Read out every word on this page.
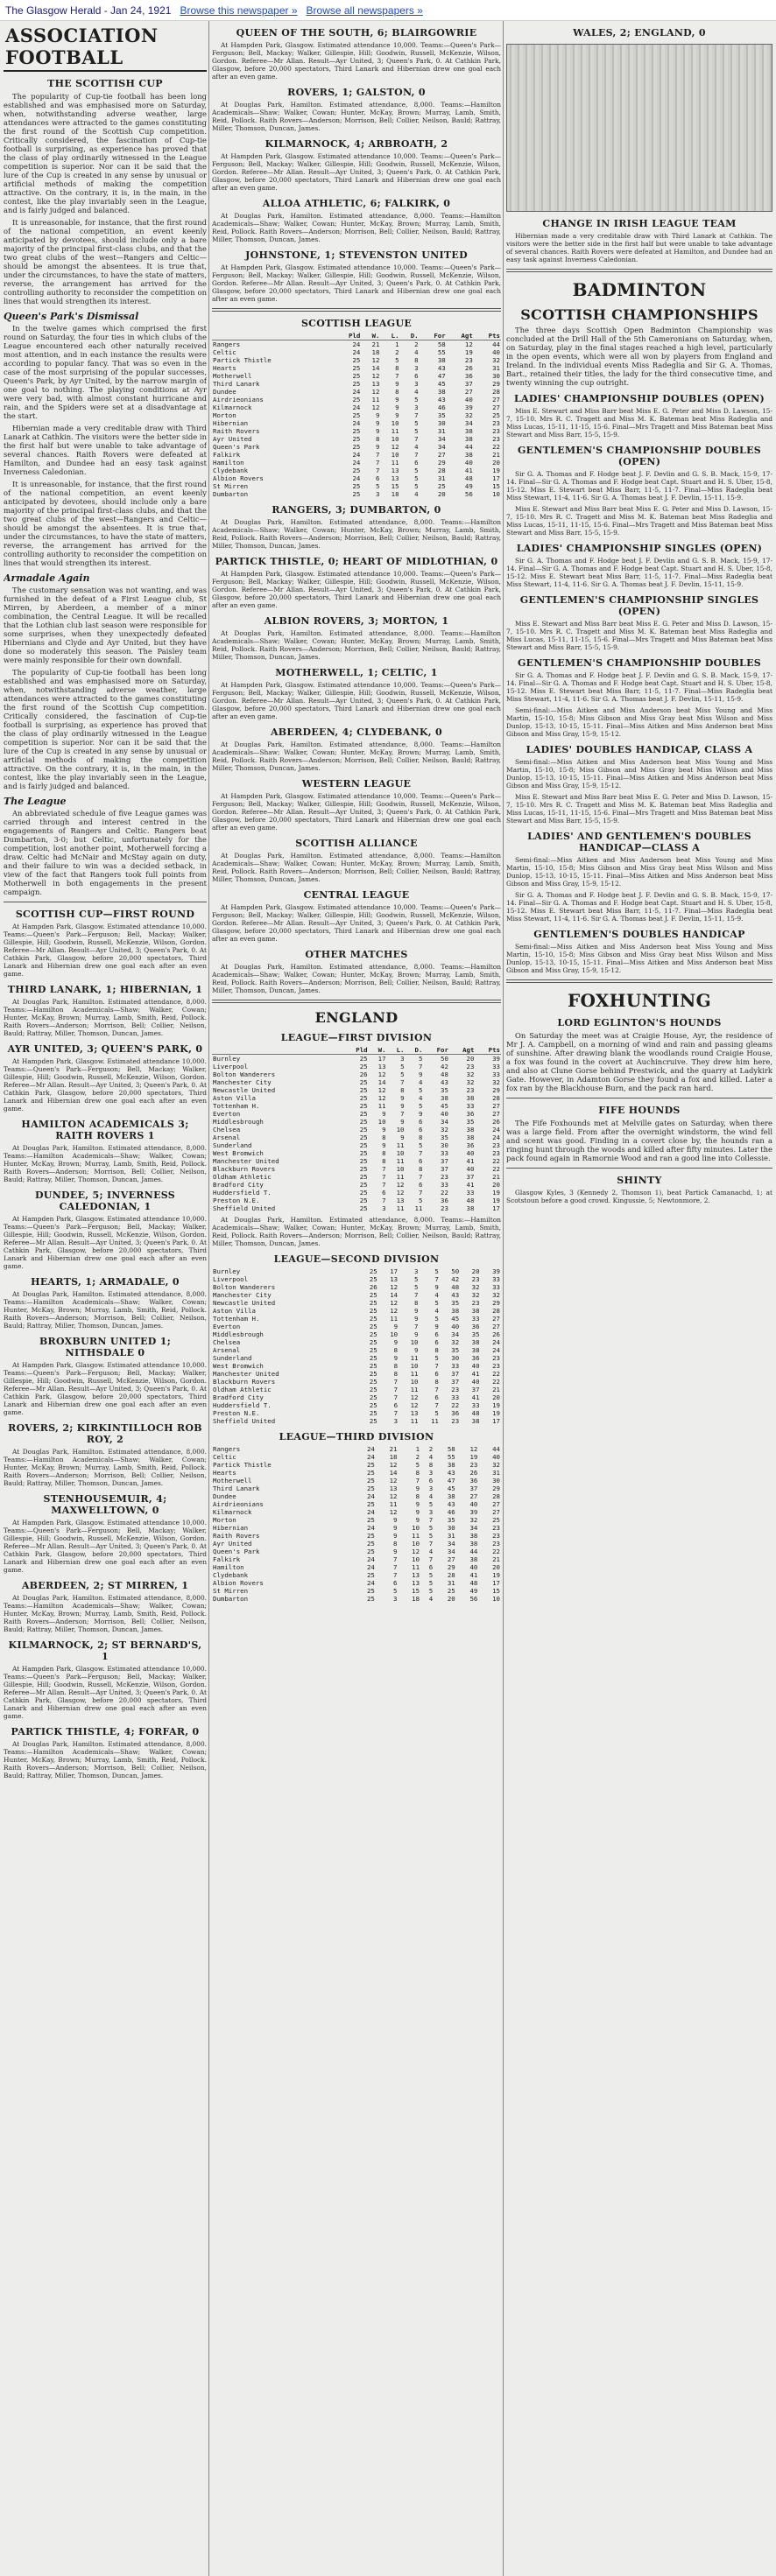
The Glasgow Herald - Jan 24, 1921 Browse this newspaper » Browse all newspapers »
ASSOCIATION FOOTBALL
THE SCOTTISH CUP

The popularity of Cup-tie football has been long established and was emphasised more on Saturday, when, notwithstanding adverse weather, large attendances were attracted to the games constituting the first round of the Scottish Cup competition. Critically considered, the fascination of Cup-tie football is surprising, as experience has proved that the class of play ordinarily witnessed in the League competition is superior. Nor can it be said that the lure of the Cup is created in any sense by unusual or artificial methods of making the competition attractive. On the contrary, it is, in the main, in the contest, like the play invariably seen in the League, and is fairly judged and balanced.

It is unreasonable, for instance, that the first round of the national competition, an event keenly anticipated by devotees, should include only a bare majority of the principal first-class clubs, and that the two great clubs of the west—Rangers and Celtic—should be amongst the absentees. It is true that, under the circumstances, to have the state of matters, reverse, the arrangement has arrived for the controlling authority to reconsider the competition on lines that would strengthen its interest.

Queen's Park's Dismissal

In the twelve games which comprised the first round on Saturday, the four ties in which clubs of the League encountered each other naturally received most attention, and in each instance the results were according to popular fancy. That was so even in the case of the most surprising of the popular successes, Queen's Park, by Ayr United, by the narrow margin of one goal to nothing. The playing conditions at Ayr were very bad, with almost constant hurricane and rain, and the Spiders were set at a disadvantage at the start.

Hibernian made a very creditable draw with Third Lanark at Cathkin. The visitors were the better side in the first half but were unable to take advantage of several chances. Raith Rovers were defeated at Hamilton, and Dundee had an easy task against Inverness Caledonian.

It is unreasonable, for instance, that the first round of the national competition, an event keenly anticipated by devotees, should include only a bare majority of the principal first-class clubs, and that the two great clubs of the west—Rangers and Celtic—should be amongst the absentees. It is true that, under the circumstances, to have the state of matters, reverse, the arrangement has arrived for the controlling authority to reconsider the competition on lines that would strengthen its interest.

Armadale Again

The customary sensation was not wanting, and was furnished in the defeat of a First League club, St Mirren, by Aberdeen, a member of a minor combination, the Central League. It will be recalled that the Lothian club last season were responsible for some surprises, when they unexpectedly defeated Hibernians and Clyde and Ayr United, but they have done so moderately this season. The Paisley team were mainly responsible for their own downfall.

The popularity of Cup-tie football has been long established and was emphasised more on Saturday, when, notwithstanding adverse weather, large attendances were attracted to the games constituting the first round of the Scottish Cup competition. Critically considered, the fascination of Cup-tie football is surprising, as experience has proved that the class of play ordinarily witnessed in the League competition is superior. Nor can it be said that the lure of the Cup is created in any sense by unusual or artificial methods of making the competition attractive. On the contrary, it is, in the main, in the contest, like the play invariably seen in the League, and is fairly judged and balanced.

The League

An abbreviated schedule of five League games was carried through and interest centred in the engagements of Rangers and Celtic. Rangers beat Dumbarton, 3-0; but Celtic, unfortunately for the competition, lost another point, Motherwell forcing a draw. Celtic had McNair and McStay again on duty, and their failure to win was a decided setback, in view of the fact that Rangers took full points from Motherwell in both engagements in the present campaign.

SCOTTISH CUP—FIRST ROUND

At Hampden Park, Glasgow. Estimated attendance 10,000. Teams:—Queen's Park—Ferguson; Bell, Mackay; Walker, Gillespie, Hill; Goodwin, Russell, McKenzie, Wilson, Gordon. Referee—Mr Allan. Result—Ayr United, 3; Queen's Park, 0. At Cathkin Park, Glasgow, before 20,000 spectators, Third Lanark and Hibernian drew one goal each after an even game.

THIRD LANARK, 1; HIBERNIAN, 1

At Douglas Park, Hamilton. Estimated attendance, 8,000. Teams:—Hamilton Academicals—Shaw; Walker, Cowan; Hunter, McKay, Brown; Murray, Lamb, Smith, Reid, Pollock. Raith Rovers—Anderson; Morrison, Bell; Collier, Neilson, Bauld; Rattray, Miller, Thomson, Duncan, James.

AYR UNITED, 3; QUEEN'S PARK, 0

At Hampden Park, Glasgow. Estimated attendance 10,000. Teams:—Queen's Park—Ferguson; Bell, Mackay; Walker, Gillespie, Hill; Goodwin, Russell, McKenzie, Wilson, Gordon. Referee—Mr Allan. Result—Ayr United, 3; Queen's Park, 0. At Cathkin Park, Glasgow, before 20,000 spectators, Third Lanark and Hibernian drew one goal each after an even game.

HAMILTON ACADEMICALS 3; RAITH ROVERS 1

At Douglas Park, Hamilton. Estimated attendance, 8,000. Teams:—Hamilton Academicals—Shaw; Walker, Cowan; Hunter, McKay, Brown; Murray, Lamb, Smith, Reid, Pollock. Raith Rovers—Anderson; Morrison, Bell; Collier, Neilson, Bauld; Rattray, Miller, Thomson, Duncan, James.

DUNDEE, 5; INVERNESS CALEDONIAN, 1

At Hampden Park, Glasgow. Estimated attendance 10,000. Teams:—Queen's Park—Ferguson; Bell, Mackay; Walker, Gillespie, Hill; Goodwin, Russell, McKenzie, Wilson, Gordon. Referee—Mr Allan. Result—Ayr United, 3; Queen's Park, 0. At Cathkin Park, Glasgow, before 20,000 spectators, Third Lanark and Hibernian drew one goal each after an even game.

HEARTS, 1; ARMADALE, 0

At Douglas Park, Hamilton. Estimated attendance, 8,000. Teams:—Hamilton Academicals—Shaw; Walker, Cowan; Hunter, McKay, Brown; Murray, Lamb, Smith, Reid, Pollock. Raith Rovers—Anderson; Morrison, Bell; Collier, Neilson, Bauld; Rattray, Miller, Thomson, Duncan, James.

BROXBURN UNITED 1; NITHSDALE 0

At Hampden Park, Glasgow. Estimated attendance 10,000. Teams:—Queen's Park—Ferguson; Bell, Mackay; Walker, Gillespie, Hill; Goodwin, Russell, McKenzie, Wilson, Gordon. Referee—Mr Allan. Result—Ayr United, 3; Queen's Park, 0. At Cathkin Park, Glasgow, before 20,000 spectators, Third Lanark and Hibernian drew one goal each after an even game.

ROVERS, 2; KIRKINTILLOCH ROB ROY, 2

At Douglas Park, Hamilton. Estimated attendance, 8,000. Teams:—Hamilton Academicals—Shaw; Walker, Cowan; Hunter, McKay, Brown; Murray, Lamb, Smith, Reid, Pollock. Raith Rovers—Anderson; Morrison, Bell; Collier, Neilson, Bauld; Rattray, Miller, Thomson, Duncan, James.

STENHOUSEMUIR, 4; MAXWELLTOWN, 0

At Hampden Park, Glasgow. Estimated attendance 10,000. Teams:—Queen's Park—Ferguson; Bell, Mackay; Walker, Gillespie, Hill; Goodwin, Russell, McKenzie, Wilson, Gordon. Referee—Mr Allan. Result—Ayr United, 3; Queen's Park, 0. At Cathkin Park, Glasgow, before 20,000 spectators, Third Lanark and Hibernian drew one goal each after an even game.

ABERDEEN, 2; ST MIRREN, 1

At Douglas Park, Hamilton. Estimated attendance, 8,000. Teams:—Hamilton Academicals—Shaw; Walker, Cowan; Hunter, McKay, Brown; Murray, Lamb, Smith, Reid, Pollock. Raith Rovers—Anderson; Morrison, Bell; Collier, Neilson, Bauld; Rattray, Miller, Thomson, Duncan, James.

KILMARNOCK, 2; ST BERNARD'S, 1

At Hampden Park, Glasgow. Estimated attendance 10,000. Teams:—Queen's Park—Ferguson; Bell, Mackay; Walker, Gillespie, Hill; Goodwin, Russell, McKenzie, Wilson, Gordon. Referee—Mr Allan. Result—Ayr United, 3; Queen's Park, 0. At Cathkin Park, Glasgow, before 20,000 spectators, Third Lanark and Hibernian drew one goal each after an even game.

PARTICK THISTLE, 4; FORFAR, 0

At Douglas Park, Hamilton. Estimated attendance, 8,000. Teams:—Hamilton Academicals—Shaw; Walker, Cowan; Hunter, McKay, Brown; Murray, Lamb, Smith, Reid, Pollock. Raith Rovers—Anderson; Morrison, Bell; Collier, Neilson, Bauld; Rattray, Miller, Thomson, Duncan, James.

QUEEN OF THE SOUTH, 6; BLAIRGOWRIE

At Hampden Park, Glasgow. Estimated attendance 10,000. Teams:—Queen's Park—Ferguson; Bell, Mackay; Walker, Gillespie, Hill; Goodwin, Russell, McKenzie, Wilson, Gordon. Referee—Mr Allan. Result—Ayr United, 3; Queen's Park, 0. At Cathkin Park, Glasgow, before 20,000 spectators, Third Lanark and Hibernian drew one goal each after an even game.

ROVERS, 1; GALSTON, 0

At Douglas Park, Hamilton. Estimated attendance, 8,000. Teams:—Hamilton Academicals—Shaw; Walker, Cowan; Hunter, McKay, Brown; Murray, Lamb, Smith, Reid, Pollock. Raith Rovers—Anderson; Morrison, Bell; Collier, Neilson, Bauld; Rattray, Miller, Thomson, Duncan, James.

KILMARNOCK, 4; ARBROATH, 2

At Hampden Park, Glasgow. Estimated attendance 10,000. Teams:—Queen's Park—Ferguson; Bell, Mackay; Walker, Gillespie, Hill; Goodwin, Russell, McKenzie, Wilson, Gordon. Referee—Mr Allan. Result—Ayr United, 3; Queen's Park, 0. At Cathkin Park, Glasgow, before 20,000 spectators, Third Lanark and Hibernian drew one goal each after an even game.

ALLOA ATHLETIC, 6; FALKIRK, 0

At Douglas Park, Hamilton. Estimated attendance, 8,000. Teams:—Hamilton Academicals—Shaw; Walker, Cowan; Hunter, McKay, Brown; Murray, Lamb, Smith, Reid, Pollock. Raith Rovers—Anderson; Morrison, Bell; Collier, Neilson, Bauld; Rattray, Miller, Thomson, Duncan, James.

JOHNSTONE, 1; STEVENSTON UNITED

At Hampden Park, Glasgow. Estimated attendance 10,000. Teams:—Queen's Park—Ferguson; Bell, Mackay; Walker, Gillespie, Hill; Goodwin, Russell, McKenzie, Wilson, Gordon. Referee—Mr Allan. Result—Ayr United, 3; Queen's Park, 0. At Cathkin Park, Glasgow, before 20,000 spectators, Third Lanark and Hibernian drew one goal each after an even game.

SCOTTISH LEAGUE
	Pld	W.	L.	D.	For	Agt	Pts
Rangers	24	21	1	2	58	12	44
Celtic	24	18	2	4	55	19	40
Partick Thistle	25	12	5	8	38	23	32
Hearts	25	14	8	3	43	26	31
Motherwell	25	12	7	6	47	36	30
Third Lanark	25	13	9	3	45	37	29
Dundee	24	12	8	4	38	27	28
Airdrieonians	25	11	9	5	43	40	27
Kilmarnock	24	12	9	3	46	39	27
Morton	25	9	9	7	35	32	25
Hibernian	24	9	10	5	30	34	23
Raith Rovers	25	9	11	5	31	38	23
Ayr United	25	8	10	7	34	38	23
Queen's Park	25	9	12	4	34	44	22
Falkirk	24	7	10	7	27	38	21
Hamilton	24	7	11	6	29	40	20
Clydebank	25	7	13	5	28	41	19
Albion Rovers	24	6	13	5	31	48	17
St Mirren	25	5	15	5	25	49	15
Dumbarton	25	3	18	4	20	56	10
RANGERS, 3; DUMBARTON, 0

At Douglas Park, Hamilton. Estimated attendance, 8,000. Teams:—Hamilton Academicals—Shaw; Walker, Cowan; Hunter, McKay, Brown; Murray, Lamb, Smith, Reid, Pollock. Raith Rovers—Anderson; Morrison, Bell; Collier, Neilson, Bauld; Rattray, Miller, Thomson, Duncan, James.

PARTICK THISTLE, 0; HEART OF MIDLOTHIAN, 0

At Hampden Park, Glasgow. Estimated attendance 10,000. Teams:—Queen's Park—Ferguson; Bell, Mackay; Walker, Gillespie, Hill; Goodwin, Russell, McKenzie, Wilson, Gordon. Referee—Mr Allan. Result—Ayr United, 3; Queen's Park, 0. At Cathkin Park, Glasgow, before 20,000 spectators, Third Lanark and Hibernian drew one goal each after an even game.

ALBION ROVERS, 3; MORTON, 1

At Douglas Park, Hamilton. Estimated attendance, 8,000. Teams:—Hamilton Academicals—Shaw; Walker, Cowan; Hunter, McKay, Brown; Murray, Lamb, Smith, Reid, Pollock. Raith Rovers—Anderson; Morrison, Bell; Collier, Neilson, Bauld; Rattray, Miller, Thomson, Duncan, James.

MOTHERWELL, 1; CELTIC, 1

At Hampden Park, Glasgow. Estimated attendance 10,000. Teams:—Queen's Park—Ferguson; Bell, Mackay; Walker, Gillespie, Hill; Goodwin, Russell, McKenzie, Wilson, Gordon. Referee—Mr Allan. Result—Ayr United, 3; Queen's Park, 0. At Cathkin Park, Glasgow, before 20,000 spectators, Third Lanark and Hibernian drew one goal each after an even game.

ABERDEEN, 4; CLYDEBANK, 0

At Douglas Park, Hamilton. Estimated attendance, 8,000. Teams:—Hamilton Academicals—Shaw; Walker, Cowan; Hunter, McKay, Brown; Murray, Lamb, Smith, Reid, Pollock. Raith Rovers—Anderson; Morrison, Bell; Collier, Neilson, Bauld; Rattray, Miller, Thomson, Duncan, James.

WESTERN LEAGUE

At Hampden Park, Glasgow. Estimated attendance 10,000. Teams:—Queen's Park—Ferguson; Bell, Mackay; Walker, Gillespie, Hill; Goodwin, Russell, McKenzie, Wilson, Gordon. Referee—Mr Allan. Result—Ayr United, 3; Queen's Park, 0. At Cathkin Park, Glasgow, before 20,000 spectators, Third Lanark and Hibernian drew one goal each after an even game.

SCOTTISH ALLIANCE

At Douglas Park, Hamilton. Estimated attendance, 8,000. Teams:—Hamilton Academicals—Shaw; Walker, Cowan; Hunter, McKay, Brown; Murray, Lamb, Smith, Reid, Pollock. Raith Rovers—Anderson; Morrison, Bell; Collier, Neilson, Bauld; Rattray, Miller, Thomson, Duncan, James.

CENTRAL LEAGUE

At Hampden Park, Glasgow. Estimated attendance 10,000. Teams:—Queen's Park—Ferguson; Bell, Mackay; Walker, Gillespie, Hill; Goodwin, Russell, McKenzie, Wilson, Gordon. Referee—Mr Allan. Result—Ayr United, 3; Queen's Park, 0. At Cathkin Park, Glasgow, before 20,000 spectators, Third Lanark and Hibernian drew one goal each after an even game.

OTHER MATCHES

At Douglas Park, Hamilton. Estimated attendance, 8,000. Teams:—Hamilton Academicals—Shaw; Walker, Cowan; Hunter, McKay, Brown; Murray, Lamb, Smith, Reid, Pollock. Raith Rovers—Anderson; Morrison, Bell; Collier, Neilson, Bauld; Rattray, Miller, Thomson, Duncan, James.

ENGLAND
LEAGUE—FIRST DIVISION
	Pld	W.	L.	D.	For	Agt	Pts
Burnley	25	17	3	5	50	20	39
Liverpool	25	13	5	7	42	23	33
Bolton Wanderers	26	12	5	9	48	32	33
Manchester City	25	14	7	4	43	32	32
Newcastle United	25	12	8	5	35	23	29
Aston Villa	25	12	9	4	38	38	28
Tottenham H.	25	11	9	5	45	33	27
Everton	25	9	7	9	40	36	27
Middlesbrough	25	10	9	6	34	35	26
Chelsea	25	9	10	6	32	38	24
Arsenal	25	8	9	8	35	38	24
Sunderland	25	9	11	5	30	36	23
West Bromwich	25	8	10	7	33	40	23
Manchester United	25	8	11	6	37	41	22
Blackburn Rovers	25	7	10	8	37	40	22
Oldham Athletic	25	7	11	7	23	37	21
Bradford City	25	7	12	6	33	41	20
Huddersfield T.	25	6	12	7	22	33	19
Preston N.E.	25	7	13	5	36	48	19
Sheffield United	25	3	11	11	23	38	17

At Douglas Park, Hamilton. Estimated attendance, 8,000. Teams:—Hamilton Academicals—Shaw; Walker, Cowan; Hunter, McKay, Brown; Murray, Lamb, Smith, Reid, Pollock. Raith Rovers—Anderson; Morrison, Bell; Collier, Neilson, Bauld; Rattray, Miller, Thomson, Duncan, James.

LEAGUE—SECOND DIVISION
Burnley	25	17	3	5	50	20	39
Liverpool	25	13	5	7	42	23	33
Bolton Wanderers	26	12	5	9	48	32	33
Manchester City	25	14	7	4	43	32	32
Newcastle United	25	12	8	5	35	23	29
Aston Villa	25	12	9	4	38	38	28
Tottenham H.	25	11	9	5	45	33	27
Everton	25	9	7	9	40	36	27
Middlesbrough	25	10	9	6	34	35	26
Chelsea	25	9	10	6	32	38	24
Arsenal	25	8	9	8	35	38	24
Sunderland	25	9	11	5	30	36	23
West Bromwich	25	8	10	7	33	40	23
Manchester United	25	8	11	6	37	41	22
Blackburn Rovers	25	7	10	8	37	40	22
Oldham Athletic	25	7	11	7	23	37	21
Bradford City	25	7	12	6	33	41	20
Huddersfield T.	25	6	12	7	22	33	19
Preston N.E.	25	7	13	5	36	48	19
Sheffield United	25	3	11	11	23	38	17
LEAGUE—THIRD DIVISION
Rangers	24	21	1	2	58	12	44
Celtic	24	18	2	4	55	19	40
Partick Thistle	25	12	5	8	38	23	32
Hearts	25	14	8	3	43	26	31
Motherwell	25	12	7	6	47	36	30
Third Lanark	25	13	9	3	45	37	29
Dundee	24	12	8	4	38	27	28
Airdrieonians	25	11	9	5	43	40	27
Kilmarnock	24	12	9	3	46	39	27
Morton	25	9	9	7	35	32	25
Hibernian	24	9	10	5	30	34	23
Raith Rovers	25	9	11	5	31	38	23
Ayr United	25	8	10	7	34	38	23
Queen's Park	25	9	12	4	34	44	22
Falkirk	24	7	10	7	27	38	21
Hamilton	24	7	11	6	29	40	20
Clydebank	25	7	13	5	28	41	19
Albion Rovers	24	6	13	5	31	48	17
St Mirren	25	5	15	5	25	49	15
Dumbarton	25	3	18	4	20	56	10
WALES, 2; ENGLAND, 0
CHANGE IN IRISH LEAGUE TEAM

Hibernian made a very creditable draw with Third Lanark at Cathkin. The visitors were the better side in the first half but were unable to take advantage of several chances. Raith Rovers were defeated at Hamilton, and Dundee had an easy task against Inverness Caledonian.

BADMINTON
SCOTTISH CHAMPIONSHIPS

The three days Scottish Open Badminton Championship was concluded at the Drill Hall of the 5th Cameronians on Saturday, when, on Saturday, play in the final stages reached a high level, particularly in the open events, which were all won by players from England and Ireland. In the individual events Miss Radeglia and Sir G. A. Thomas, Bart., retained their titles, the lady for the third consecutive time, and twenty winning the cup outright.

LADIES' CHAMPIONSHIP DOUBLES (OPEN)

Miss E. Stewart and Miss Barr beat Miss E. G. Peter and Miss D. Lawson, 15-7, 15-10. Mrs R. C. Tragett and Miss M. K. Bateman beat Miss Radeglia and Miss Lucas, 15-11, 11-15, 15-6. Final—Mrs Tragett and Miss Bateman beat Miss Stewart and Miss Barr, 15-5, 15-9.

GENTLEMEN'S CHAMPIONSHIP DOUBLES (OPEN)

Sir G. A. Thomas and F. Hodge beat J. F. Devlin and G. S. B. Mack, 15-9, 17-14. Final—Sir G. A. Thomas and F. Hodge beat Capt. Stuart and H. S. Uber, 15-8, 15-12. Miss E. Stewart beat Miss Barr, 11-5, 11-7. Final—Miss Radeglia beat Miss Stewart, 11-4, 11-6. Sir G. A. Thomas beat J. F. Devlin, 15-11, 15-9.

Miss E. Stewart and Miss Barr beat Miss E. G. Peter and Miss D. Lawson, 15-7, 15-10. Mrs R. C. Tragett and Miss M. K. Bateman beat Miss Radeglia and Miss Lucas, 15-11, 11-15, 15-6. Final—Mrs Tragett and Miss Bateman beat Miss Stewart and Miss Barr, 15-5, 15-9.

LADIES' CHAMPIONSHIP SINGLES (OPEN)

Sir G. A. Thomas and F. Hodge beat J. F. Devlin and G. S. B. Mack, 15-9, 17-14. Final—Sir G. A. Thomas and F. Hodge beat Capt. Stuart and H. S. Uber, 15-8, 15-12. Miss E. Stewart beat Miss Barr, 11-5, 11-7. Final—Miss Radeglia beat Miss Stewart, 11-4, 11-6. Sir G. A. Thomas beat J. F. Devlin, 15-11, 15-9.

GENTLEMEN'S CHAMPIONSHIP SINGLES (OPEN)

Miss E. Stewart and Miss Barr beat Miss E. G. Peter and Miss D. Lawson, 15-7, 15-10. Mrs R. C. Tragett and Miss M. K. Bateman beat Miss Radeglia and Miss Lucas, 15-11, 11-15, 15-6. Final—Mrs Tragett and Miss Bateman beat Miss Stewart and Miss Barr, 15-5, 15-9.

GENTLEMEN'S CHAMPIONSHIP DOUBLES

Sir G. A. Thomas and F. Hodge beat J. F. Devlin and G. S. B. Mack, 15-9, 17-14. Final—Sir G. A. Thomas and F. Hodge beat Capt. Stuart and H. S. Uber, 15-8, 15-12. Miss E. Stewart beat Miss Barr, 11-5, 11-7. Final—Miss Radeglia beat Miss Stewart, 11-4, 11-6. Sir G. A. Thomas beat J. F. Devlin, 15-11, 15-9.

Semi-final:—Miss Aitken and Miss Anderson beat Miss Young and Miss Martin, 15-10, 15-8; Miss Gibson and Miss Gray beat Miss Wilson and Miss Dunlop, 15-13, 10-15, 15-11. Final—Miss Aitken and Miss Anderson beat Miss Gibson and Miss Gray, 15-9, 15-12.

LADIES' DOUBLES HANDICAP, CLASS A

Semi-final:—Miss Aitken and Miss Anderson beat Miss Young and Miss Martin, 15-10, 15-8; Miss Gibson and Miss Gray beat Miss Wilson and Miss Dunlop, 15-13, 10-15, 15-11. Final—Miss Aitken and Miss Anderson beat Miss Gibson and Miss Gray, 15-9, 15-12.

Miss E. Stewart and Miss Barr beat Miss E. G. Peter and Miss D. Lawson, 15-7, 15-10. Mrs R. C. Tragett and Miss M. K. Bateman beat Miss Radeglia and Miss Lucas, 15-11, 11-15, 15-6. Final—Mrs Tragett and Miss Bateman beat Miss Stewart and Miss Barr, 15-5, 15-9.

LADIES' AND GENTLEMEN'S DOUBLES HANDICAP—CLASS A

Semi-final:—Miss Aitken and Miss Anderson beat Miss Young and Miss Martin, 15-10, 15-8; Miss Gibson and Miss Gray beat Miss Wilson and Miss Dunlop, 15-13, 10-15, 15-11. Final—Miss Aitken and Miss Anderson beat Miss Gibson and Miss Gray, 15-9, 15-12.

Sir G. A. Thomas and F. Hodge beat J. F. Devlin and G. S. B. Mack, 15-9, 17-14. Final—Sir G. A. Thomas and F. Hodge beat Capt. Stuart and H. S. Uber, 15-8, 15-12. Miss E. Stewart beat Miss Barr, 11-5, 11-7. Final—Miss Radeglia beat Miss Stewart, 11-4, 11-6. Sir G. A. Thomas beat J. F. Devlin, 15-11, 15-9.

GENTLEMEN'S DOUBLES HANDICAP

Semi-final:—Miss Aitken and Miss Anderson beat Miss Young and Miss Martin, 15-10, 15-8; Miss Gibson and Miss Gray beat Miss Wilson and Miss Dunlop, 15-13, 10-15, 15-11. Final—Miss Aitken and Miss Anderson beat Miss Gibson and Miss Gray, 15-9, 15-12.

FOXHUNTING
LORD EGLINTON'S HOUNDS

On Saturday the meet was at Craigie House, Ayr, the residence of Mr J. A. Campbell, on a morning of wind and rain and passing gleams of sunshine. After drawing blank the woodlands round Craigie House, a fox was found in the covert at Auchincruive. They drew him here, and also at Clune Gorse behind Prestwick, and the quarry at Ladykirk Gate. However, in Adamton Gorse they found a fox and killed. Later a fox ran by the Blackhouse Burn, and the pack ran hard.

FIFE HOUNDS

The Fife Foxhounds met at Melville gates on Saturday, when there was a large field. From after the overnight windstorm, the wind fell and scent was good. Finding in a covert close by, the hounds ran a ringing hunt through the woods and killed after fifty minutes. Later the pack found again in Ramornie Wood and ran a good line into Collessie.

SHINTY

Glasgow Kyles, 3 (Kennedy 2, Thomson 1), beat Partick Camanachd, 1; at Scotstoun before a good crowd. Kingussie, 5; Newtonmore, 2.
